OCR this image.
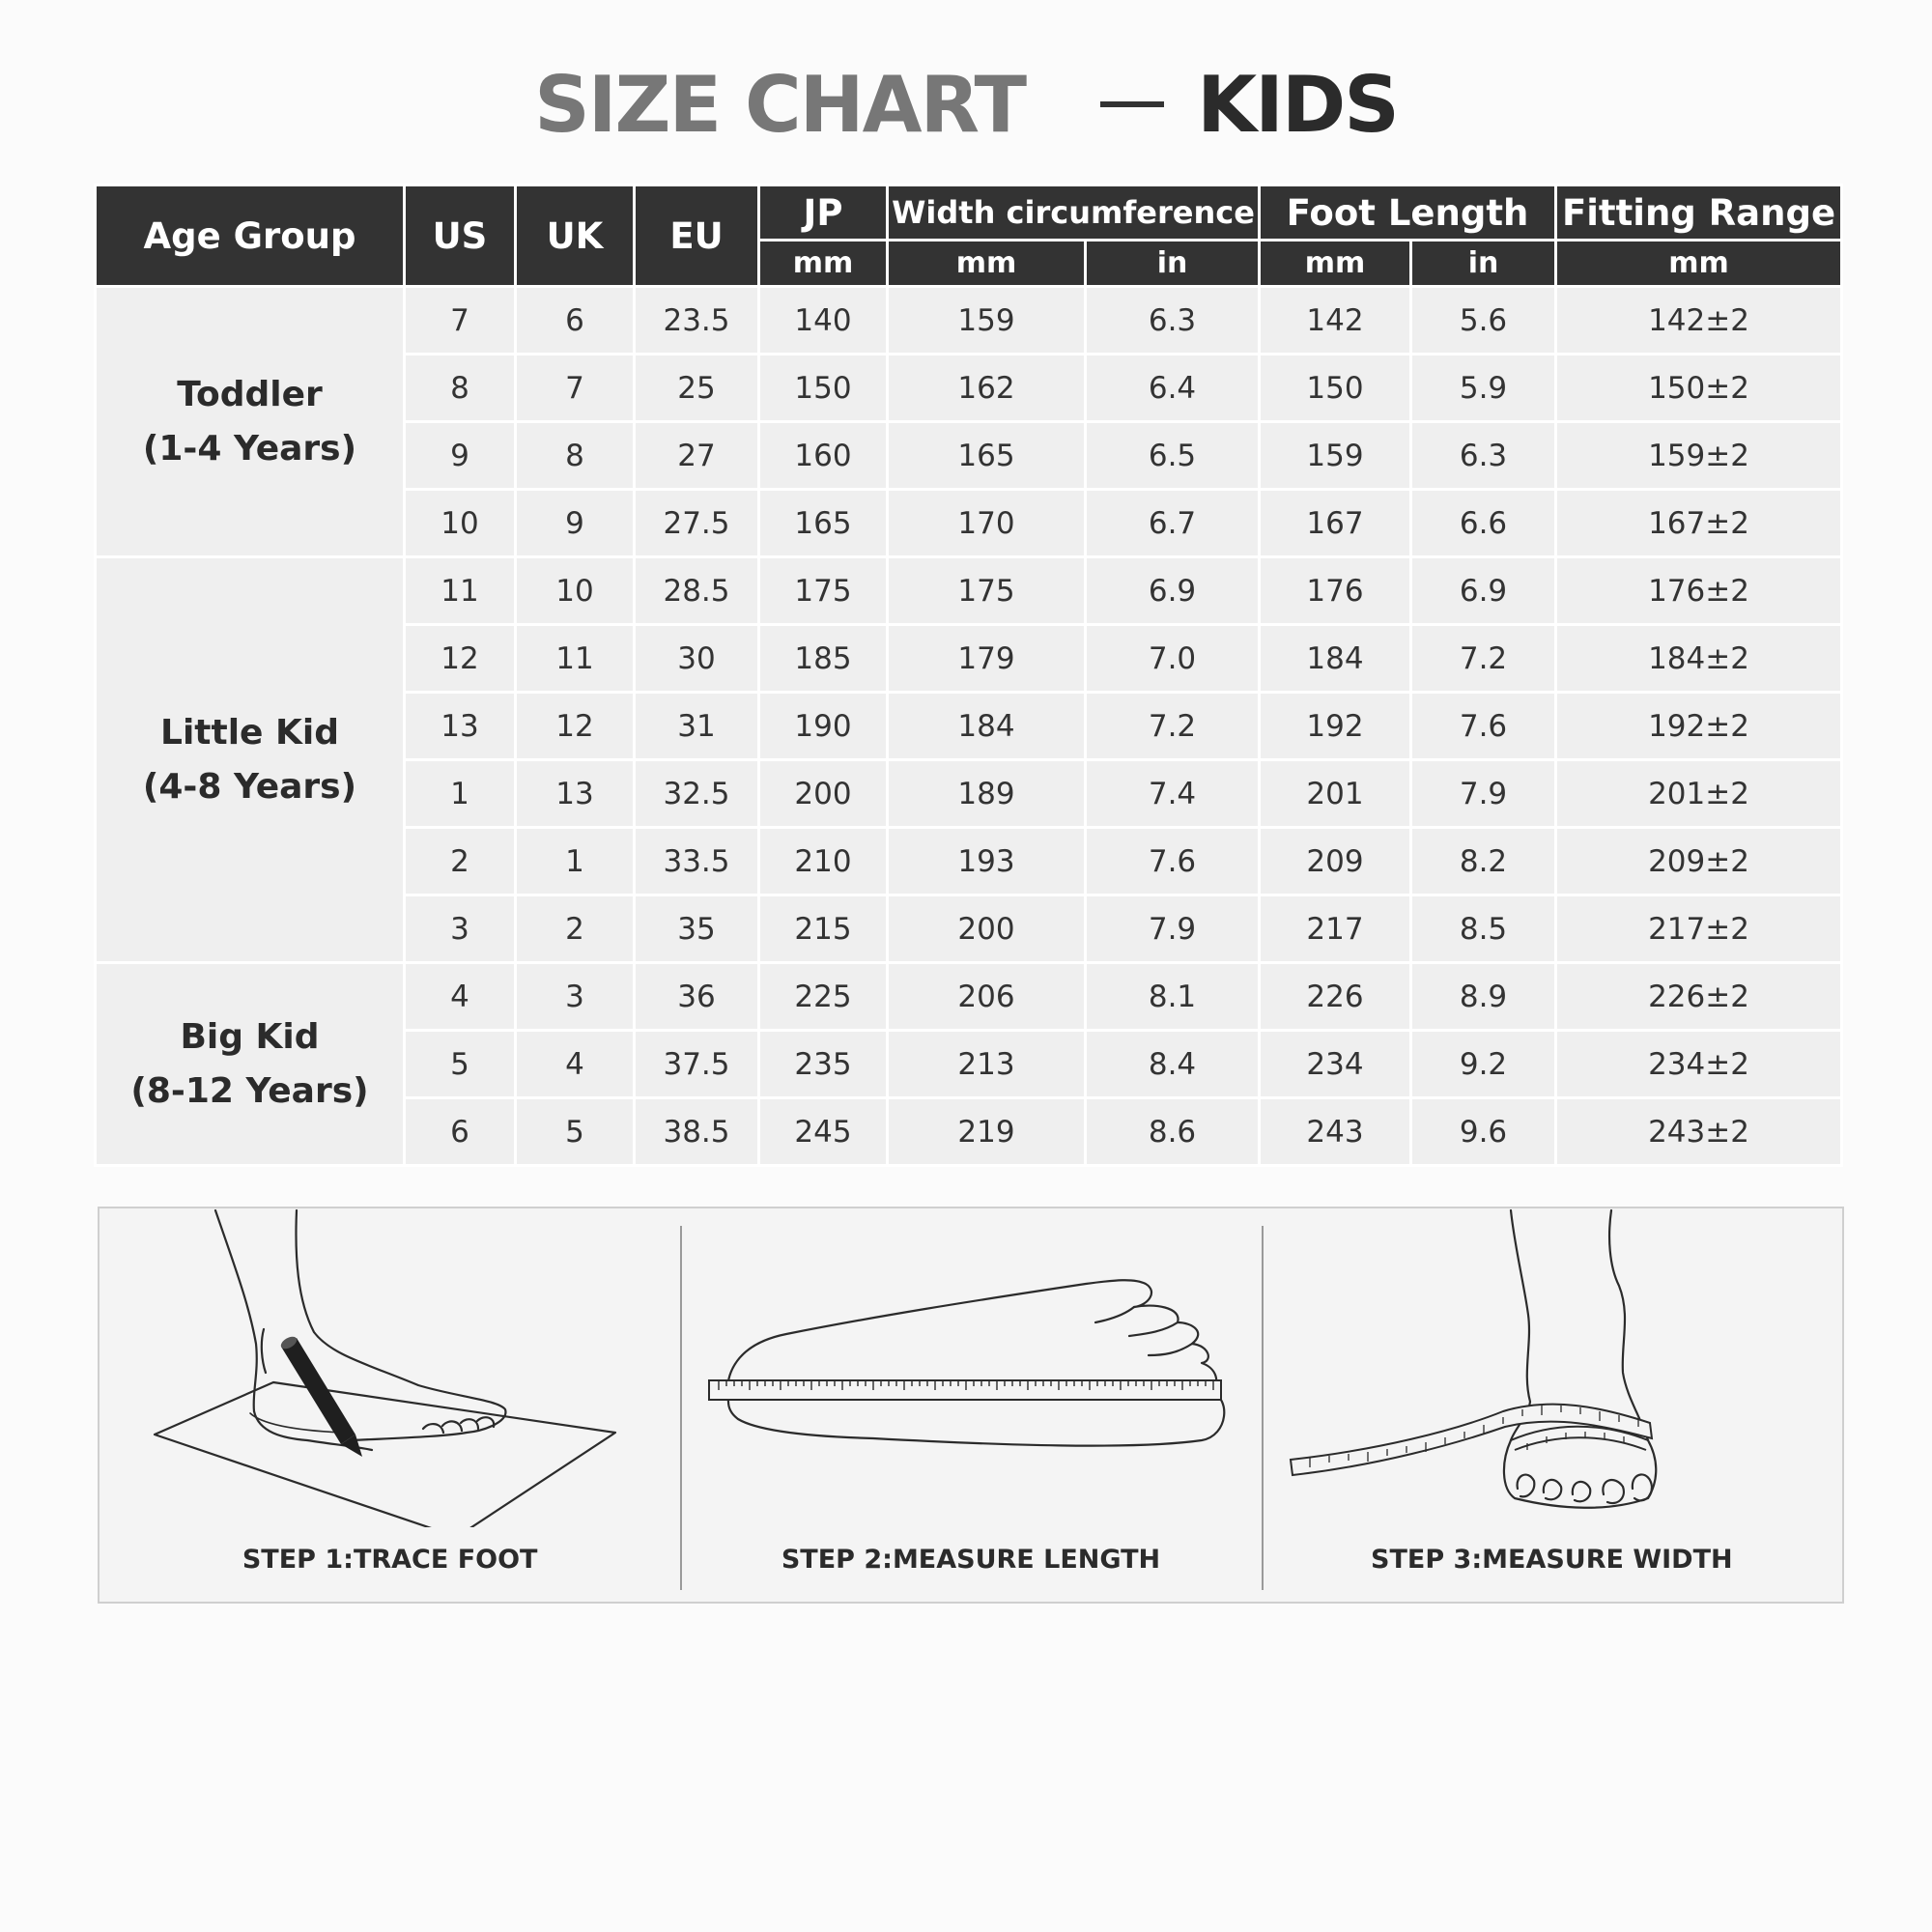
SIZE CHART KIDS
Age Group	US	UK	EU	JP	Width circumference		Foot Length		Fitting Range
				mm	mm	in	mm	in	mm

Toddler
(1-4 Years)	7	6	23.5	140	159	6.3	142	5.6	142±2
	8	7	25	150	162	6.4	150	5.9	150±2
	9	8	27	160	165	6.5	159	6.3	159±2
	10	9	27.5	165	170	6.7	167	6.6	167±2

Little Kid
(4-8 Years)	11	10	28.5	175	175	6.9	176	6.9	176±2
	12	11	30	185	179	7.0	184	7.2	184±2
	13	12	31	190	184	7.2	192	7.6	192±2
	1	13	32.5	200	189	7.4	201	7.9	201±2
	2	1	33.5	210	193	7.6	209	8.2	209±2
	3	2	35	215	200	7.9	217	8.5	217±2

Big Kid
(8-12 Years)	4	3	36	225	206	8.1	226	8.9	226±2
	5	4	37.5	235	213	8.4	234	9.2	234±2
	6	5	38.5	245	219	8.6	243	9.6	243±2
STEP 1:TRACE FOOT	STEP 2:MEASURE LENGTH	STEP 3:MEASURE WIDTH
